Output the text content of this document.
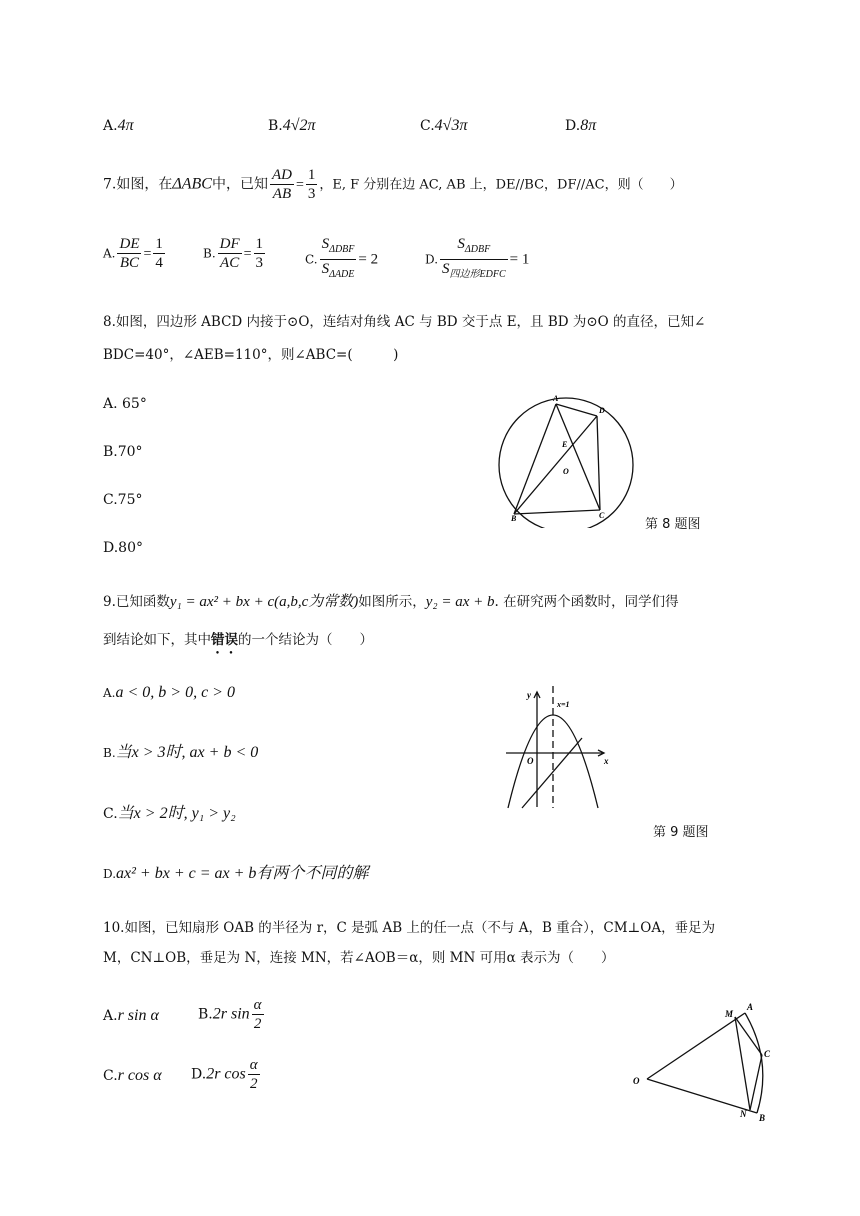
A.4π	B.4√2π	C.4√3π	D.8π
7.如图，在ΔABC中，已知 $\frac{AD}{AB} = \frac{1}{3}$ ，E, F 分别在边 AC, AB 上，DE//BC，DF//AC，则（　　）
A. $\frac{DE}{BC} = \frac{1}{4}$	B. $\frac{DF}{AC} = \frac{1}{3}$	C. $\frac{S_{\Delta DBF}}{S_{\Delta ADE}} = 2$	D. $\frac{S_{\Delta DBF}}{S_{四边形EDFC}} = 1$
8.如图，四边形 ABCD 内接于⊙O，连结对角线 AC 与 BD 交于点 E，且 BD 为⊙O 的直径，已知∠
BDC=40°，∠AEB=110°，则∠ABC=(　　　)
A. 65°
B.70°
C.75°
D.80°
A
D
E
O
B	C
第 8 题图
9.已知函数y₁ = ax² + bx + c(a,b,c为常数)如图所示，y₂ = ax + b. 在研究两个函数时，同学们得
到结论如下，其中错误的一个结论为（　　）
A.a < 0, b > 0, c > 0
B.当x > 3时, ax + b < 0
C.当x > 2时, y₁ > y₂
D.ax² + bx + c = ax + b有两个不同的解
y
x=1
O	x
第 9 题图
10.如图，已知扇形 OAB 的半径为 r，C 是弧 AB 上的任一点（不与 A，B 重合），CM⊥OA，垂足为
M，CN⊥OB，垂足为 N，连接 MN，若∠AOB＝α，则 MN 可用α 表示为（　　）
A.r sin α	B.2r $\sin \frac{\alpha}{2}$
C.r cos α D.2r $\cos \frac{\alpha}{2}$	O
A
M
C
N B
